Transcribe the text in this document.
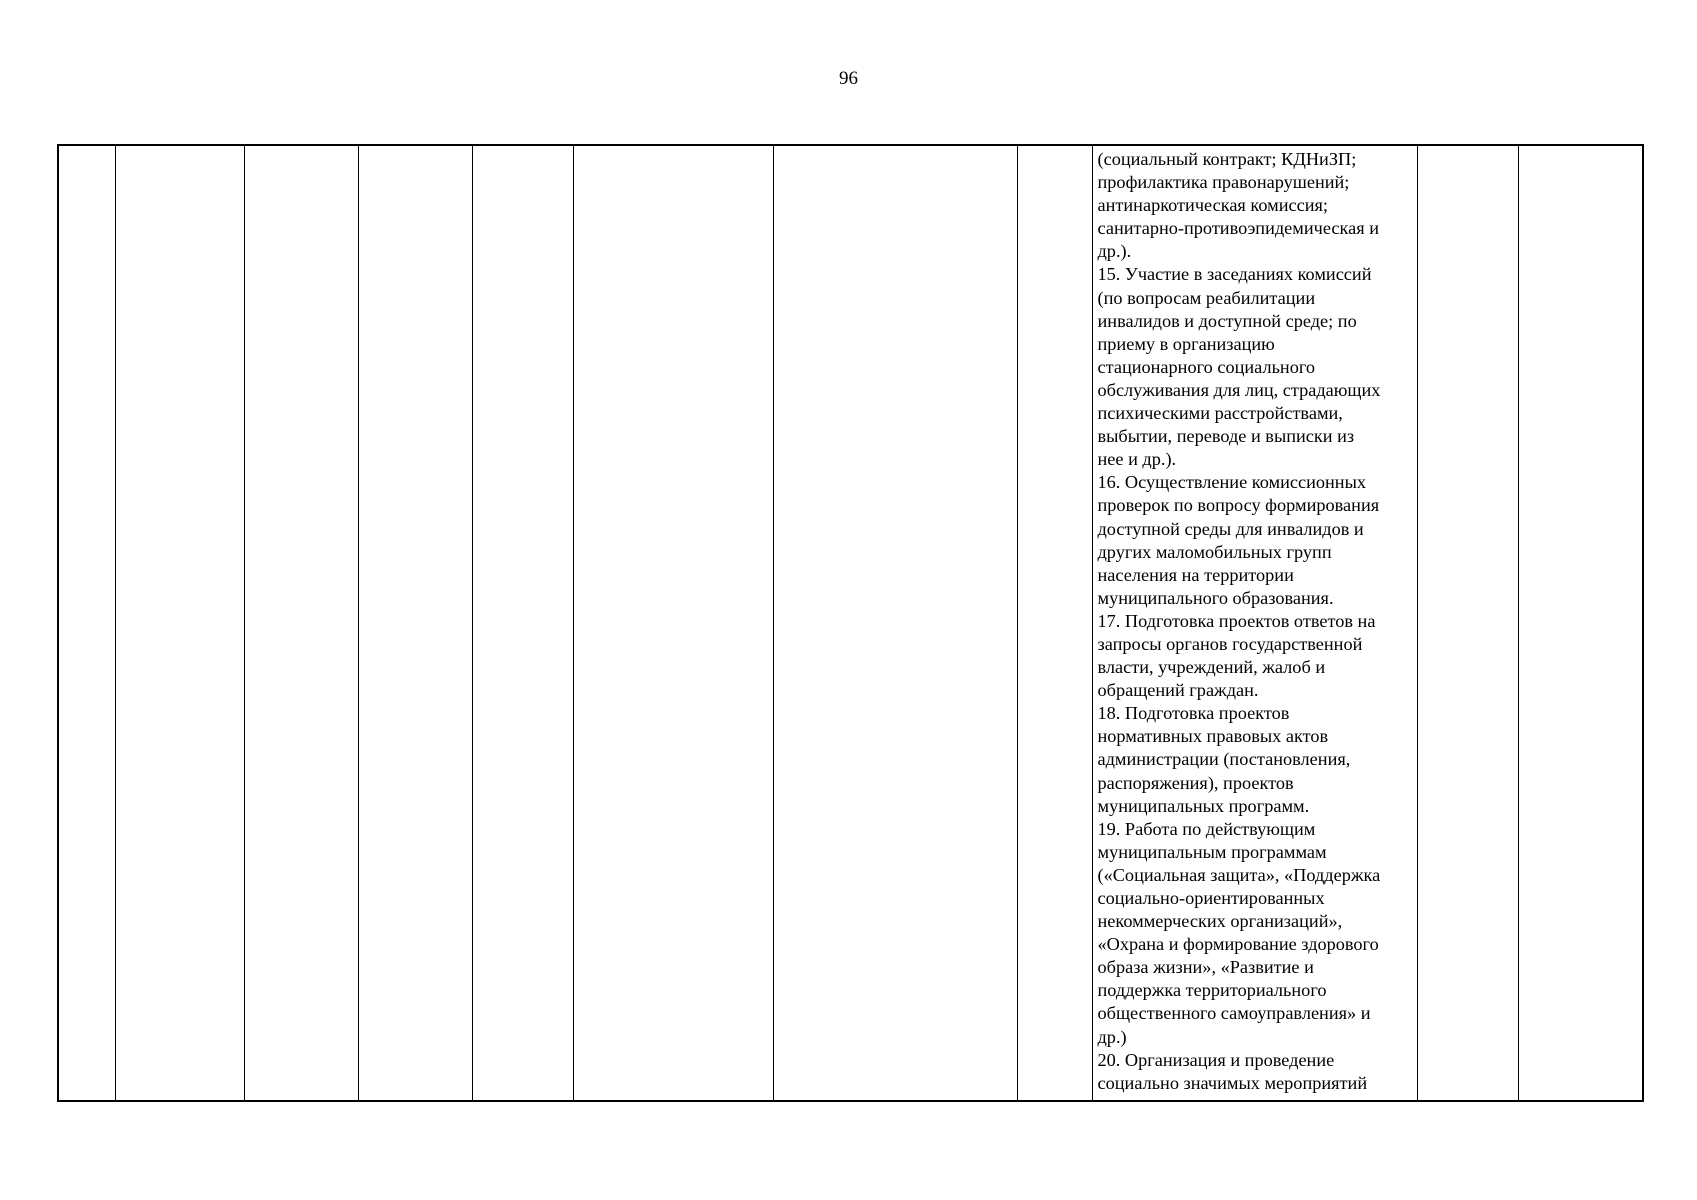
96
								(социальный контракт; КДНиЗП;
профилактика правонарушений;
антинаркотическая комиссия;
санитарно-противоэпидемическая и
др.).
15. Участие в заседаниях комиссий
(по вопросам реабилитации
инвалидов и доступной среде; по
приему в организацию
стационарного социального
обслуживания для лиц, страдающих
психическими расстройствами,
выбытии, переводе и выписки из
нее и др.).
16. Осуществление комиссионных
проверок по вопросу формирования
доступной среды для инвалидов и
других маломобильных групп
населения на территории
муниципального образования.
17. Подготовка проектов ответов на
запросы органов государственной
власти, учреждений, жалоб и
обращений граждан.
18. Подготовка проектов
нормативных правовых актов
администрации (постановления,
распоряжения), проектов
муниципальных программ.
19. Работа по действующим
муниципальным программам
(«Социальная защита», «Поддержка
социально-ориентированных
некоммерческих организаций»,
«Охрана и формирование здорового
образа жизни», «Развитие и
поддержка территориального
общественного самоуправления» и
др.)
20. Организация и проведение
социально значимых мероприятий		
